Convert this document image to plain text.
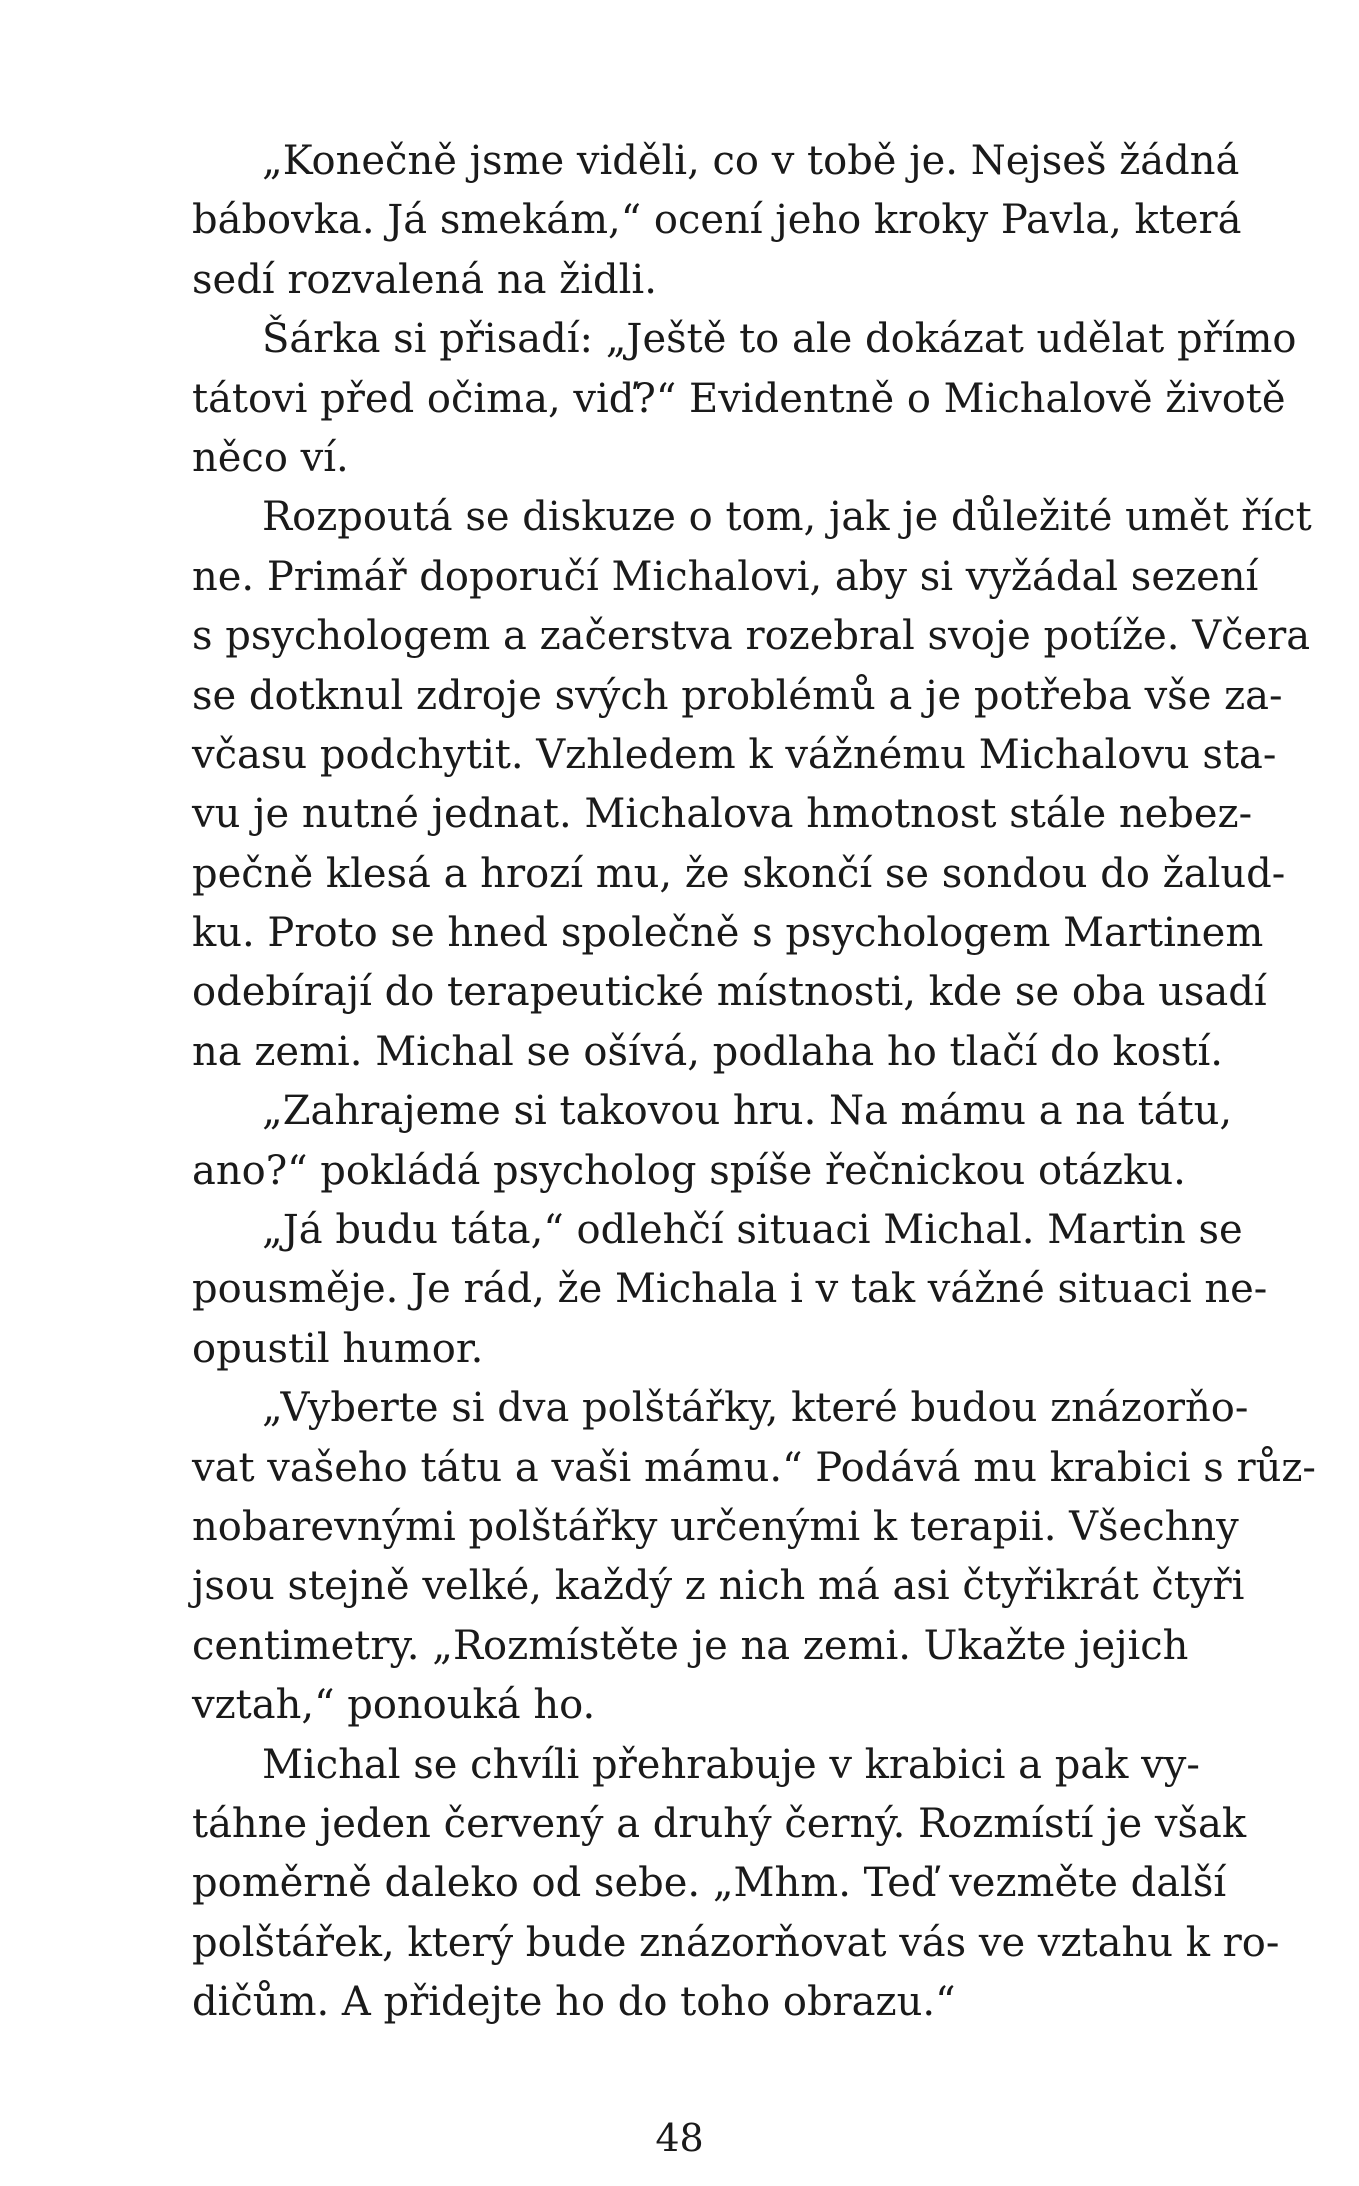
„Konečně jsme viděli, co v tobě je. Nejseš žádná
bábovka. Já smekám,“ ocení jeho kroky Pavla, která
sedí rozvalená na židli.
Šárka si přisadí: „Ještě to ale dokázat udělat přímo
tátovi před očima, viď?“ Evidentně o Michalově životě
něco ví.
Rozpoutá se diskuze o tom, jak je důležité umět říct
ne. Primář doporučí Michalovi, aby si vyžádal sezení
s psychologem a začerstva rozebral svoje potíže. Včera
se dotknul zdroje svých problémů a je potřeba vše za-
včasu podchytit. Vzhledem k vážnému Michalovu sta-
vu je nutné jednat. Michalova hmotnost stále nebez-
pečně klesá a hrozí mu, že skončí se sondou do žalud-
ku. Proto se hned společně s psychologem Martinem
odebírají do terapeutické místnosti, kde se oba usadí
na zemi. Michal se ošívá, podlaha ho tlačí do kostí.
„Zahrajeme si takovou hru. Na mámu a na tátu,
ano?“ pokládá psycholog spíše řečnickou otázku.
„Já budu táta,“ odlehčí situaci Michal. Martin se
pousměje. Je rád, že Michala i v tak vážné situaci ne-
opustil humor.
„Vyberte si dva polštářky, které budou znázorňo-
vat vašeho tátu a vaši mámu.“ Podává mu krabici s růz-
nobarevnými polštářky určenými k terapii. Všechny
jsou stejně velké, každý z nich má asi čtyřikrát čtyři
centimetry. „Rozmístěte je na zemi. Ukažte jejich
vztah,“ ponouká ho.
Michal se chvíli přehrabuje v krabici a pak vy-
táhne jeden červený a druhý černý. Rozmístí je však
poměrně daleko od sebe. „Mhm. Teď vezměte další
polštářek, který bude znázorňovat vás ve vztahu k ro-
dičům. A přidejte ho do toho obrazu.“
48
